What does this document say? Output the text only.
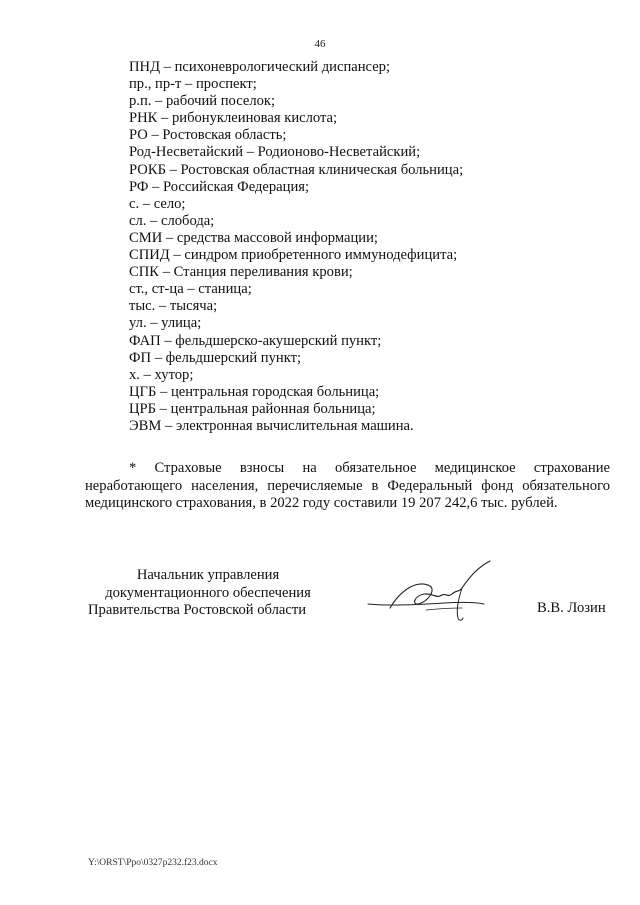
46
ПНД – психоневрологический диспансер;
пр., пр-т – проспект;
р.п. – рабочий поселок;
РНК – рибонуклеиновая кислота;
РО – Ростовская область;
Род-Несветайский – Родионово-Несветайский;
РОКБ – Ростовская областная клиническая больница;
РФ – Российская Федерация;
с. – село;
сл. – слобода;
СМИ – средства массовой информации;
СПИД – синдром приобретенного иммунодефицита;
СПК – Станция переливания крови;
ст., ст-ца – станица;
тыс. – тысяча;
ул. – улица;
ФАП – фельдшерско-акушерский пункт;
ФП – фельдшерский пункт;
х. – хутор;
ЦГБ – центральная городская больница;
ЦРБ – центральная районная больница;
ЭВМ – электронная вычислительная машина.
* Страховые взносы на обязательное медицинское страхование
неработающего населения, перечисляемые в Федеральный фонд обязательного
медицинского страхования, в 2022 году составили 19 207 242,6 тыс. рублей.
Начальник управления
документационного обеспечения
Правительства Ростовской области	В.В. Лозин
Y:\ORST\Ppo\0327p232.f23.docx
